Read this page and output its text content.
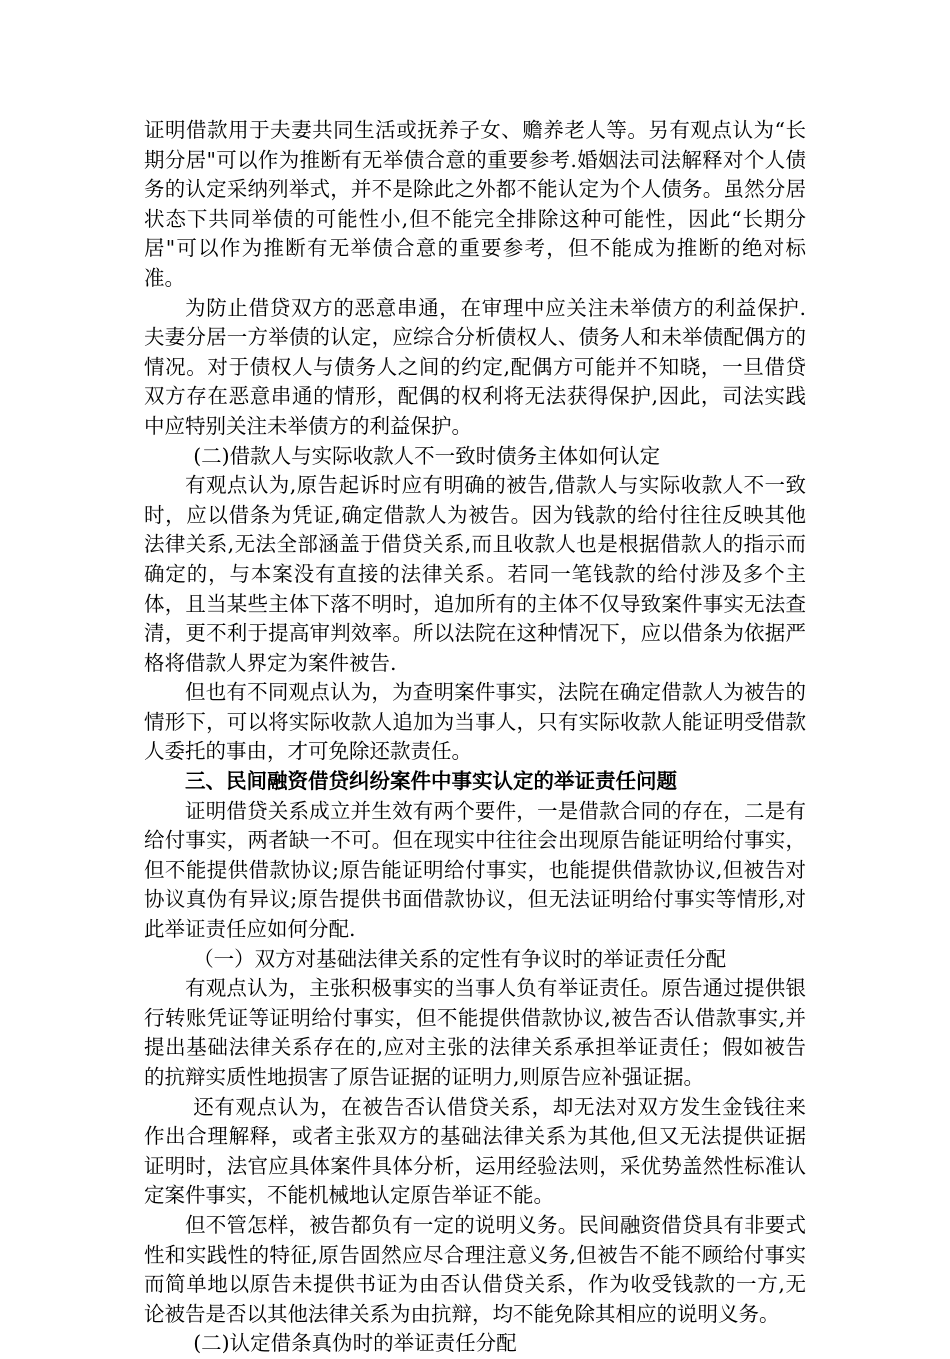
证明借款用于夫妻共同生活或抚养子女、赡养老人等。另有观点认为“长期分居"可以作为推断有无举债合意的重要参考.婚姻法司法解释对个人债务的认定采纳列举式，并不是除此之外都不能认定为个人债务。虽然分居状态下共同举债的可能性小,但不能完全排除这种可能性，因此“长期分居"可以作为推断有无举债合意的重要参考，但不能成为推断的绝对标准。

为防止借贷双方的恶意串通，在审理中应关注未举债方的利益保护.夫妻分居一方举债的认定，应综合分析债权人、债务人和未举债配偶方的情况。对于债权人与债务人之间的约定,配偶方可能并不知晓，一旦借贷双方存在恶意串通的情形，配偶的权利将无法获得保护,因此，司法实践中应特别关注未举债方的利益保护。

(二)借款人与实际收款人不一致时债务主体如何认定

有观点认为,原告起诉时应有明确的被告,借款人与实际收款人不一致时，应以借条为凭证,确定借款人为被告。因为钱款的给付往往反映其他法律关系,无法全部涵盖于借贷关系,而且收款人也是根据借款人的指示而确定的，与本案没有直接的法律关系。若同一笔钱款的给付涉及多个主体，且当某些主体下落不明时，追加所有的主体不仅导致案件事实无法查清，更不利于提高审判效率。所以法院在这种情况下，应以借条为依据严格将借款人界定为案件被告.

但也有不同观点认为，为查明案件事实，法院在确定借款人为被告的情形下，可以将实际收款人追加为当事人，只有实际收款人能证明受借款人委托的事由，才可免除还款责任。

三、民间融资借贷纠纷案件中事实认定的举证责任问题

证明借贷关系成立并生效有两个要件，一是借款合同的存在，二是有给付事实，两者缺一不可。但在现实中往往会出现原告能证明给付事实，但不能提供借款协议;原告能证明给付事实，也能提供借款协议,但被告对协议真伪有异议;原告提供书面借款协议，但无法证明给付事实等情形,对此举证责任应如何分配.

（一）双方对基础法律关系的定性有争议时的举证责任分配

有观点认为，主张积极事实的当事人负有举证责任。原告通过提供银行转账凭证等证明给付事实，但不能提供借款协议,被告否认借款事实,并提出基础法律关系存在的,应对主张的法律关系承担举证责任；假如被告的抗辩实质性地损害了原告证据的证明力,则原告应补强证据。

还有观点认为，在被告否认借贷关系，却无法对双方发生金钱往来作出合理解释，或者主张双方的基础法律关系为其他,但又无法提供证据证明时，法官应具体案件具体分析，运用经验法则，采优势盖然性标准认定案件事实，不能机械地认定原告举证不能。

但不管怎样，被告都负有一定的说明义务。民间融资借贷具有非要式性和实践性的特征,原告固然应尽合理注意义务,但被告不能不顾给付事实而简单地以原告未提供书证为由否认借贷关系，作为收受钱款的一方,无论被告是否以其他法律关系为由抗辩，均不能免除其相应的说明义务。

(二)认定借条真伪时的举证责任分配
